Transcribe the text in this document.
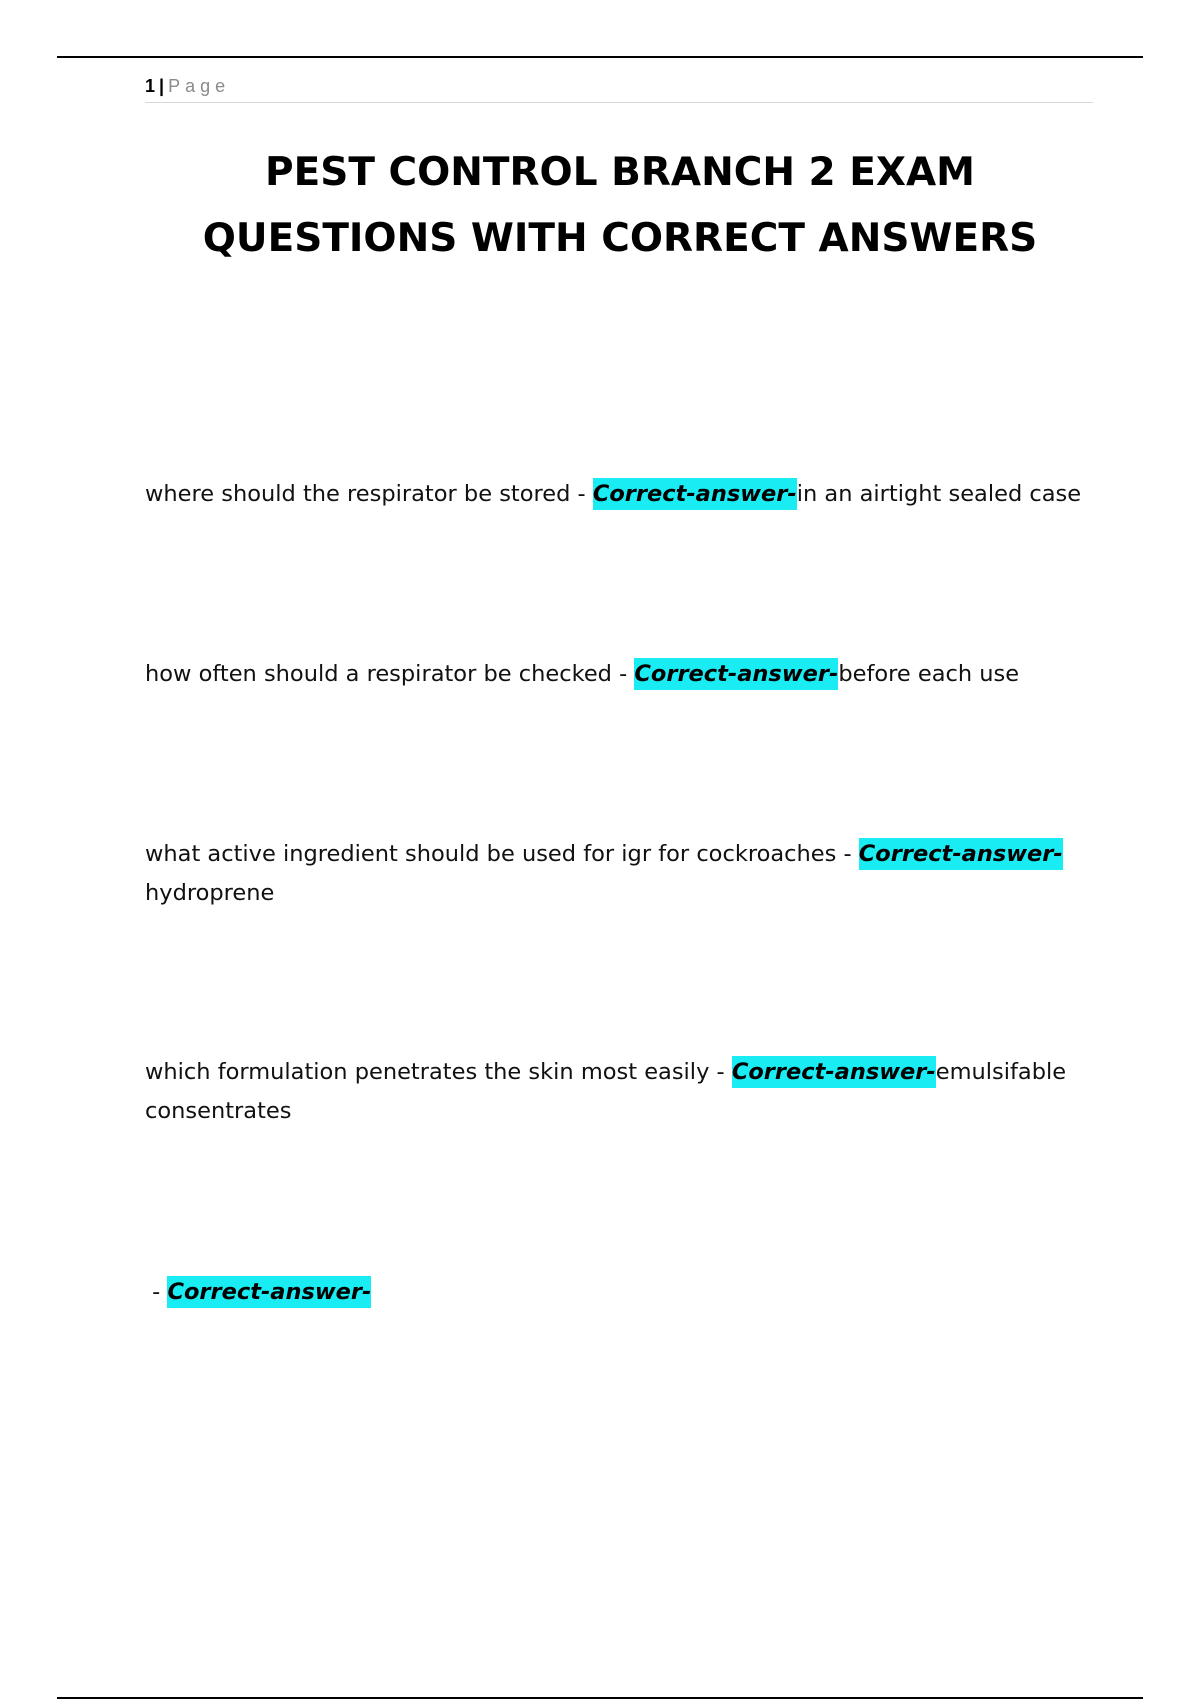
1 | Page
PEST CONTROL BRANCH 2 EXAM
QUESTIONS WITH CORRECT ANSWERS

where should the respirator be stored - Correct-answer-in an airtight sealed case

how often should a respirator be checked - Correct-answer-before each use

what active ingredient should be used for igr for cockroaches - Correct-answer-hydroprene

which formulation penetrates the skin most easily - Correct-answer-emulsifable consentrates

- Correct-answer-
